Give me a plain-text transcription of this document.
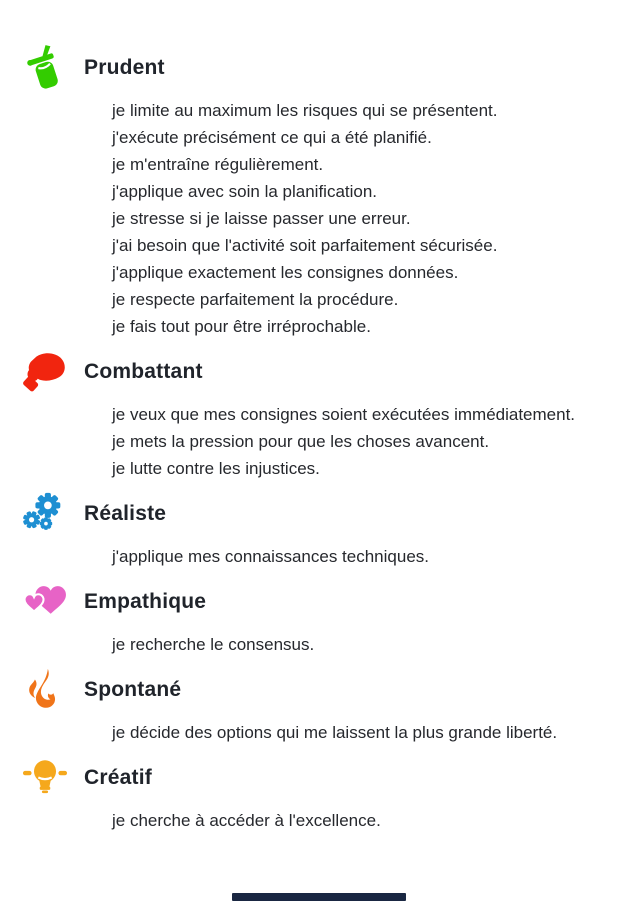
Prudent
je limite au maximum les risques qui se présentent.
j'exécute précisément ce qui a été planifié.
je m'entraîne régulièrement.
j'applique avec soin la planification.
je stresse si je laisse passer une erreur.
j'ai besoin que l'activité soit parfaitement sécurisée.
j'applique exactement les consignes données.
je respecte parfaitement la procédure.
je fais tout pour être irréprochable.
Combattant
je veux que mes consignes soient exécutées immédiatement.
je mets la pression pour que les choses avancent.
je lutte contre les injustices.
Réaliste
j'applique mes connaissances techniques.
Empathique
je recherche le consensus.
Spontané
je décide des options qui me laissent la plus grande liberté.
Créatif
je cherche à accéder à l'excellence.
